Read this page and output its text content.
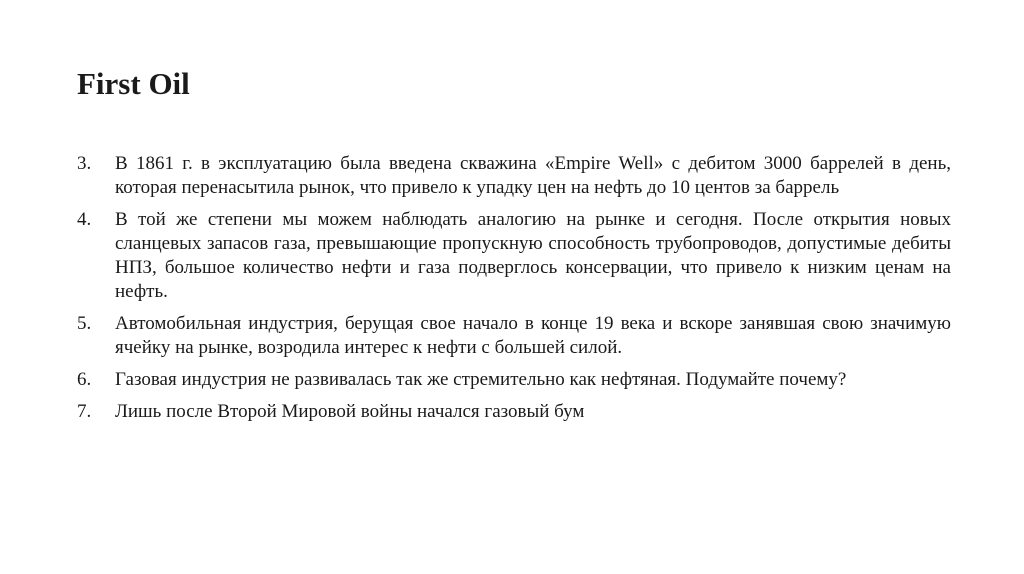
First Oil
3.	В 1861 г. в эксплуатацию была введена скважина «Empire Well» с дебитом 3000 баррелей в день, которая перенасытила рынок, что привело к упадку цен на нефть до 10 центов за баррель
4.	В той же степени мы можем наблюдать аналогию на рынке и сегодня. После открытия новых сланцевых запасов газа, превышающие пропускную способность трубопроводов, допустимые дебиты НПЗ, большое количество нефти и газа подверглось консервации, что привело к низким ценам на нефть.
5.	Автомобильная индустрия, берущая свое начало в конце 19 века и вскоре занявшая свою значимую ячейку на рынке, возродила интерес к нефти с большей силой.
6.	Газовая индустрия не развивалась так же стремительно как нефтяная. Подумайте почему?
7.	Лишь после Второй Мировой войны начался газовый бум
